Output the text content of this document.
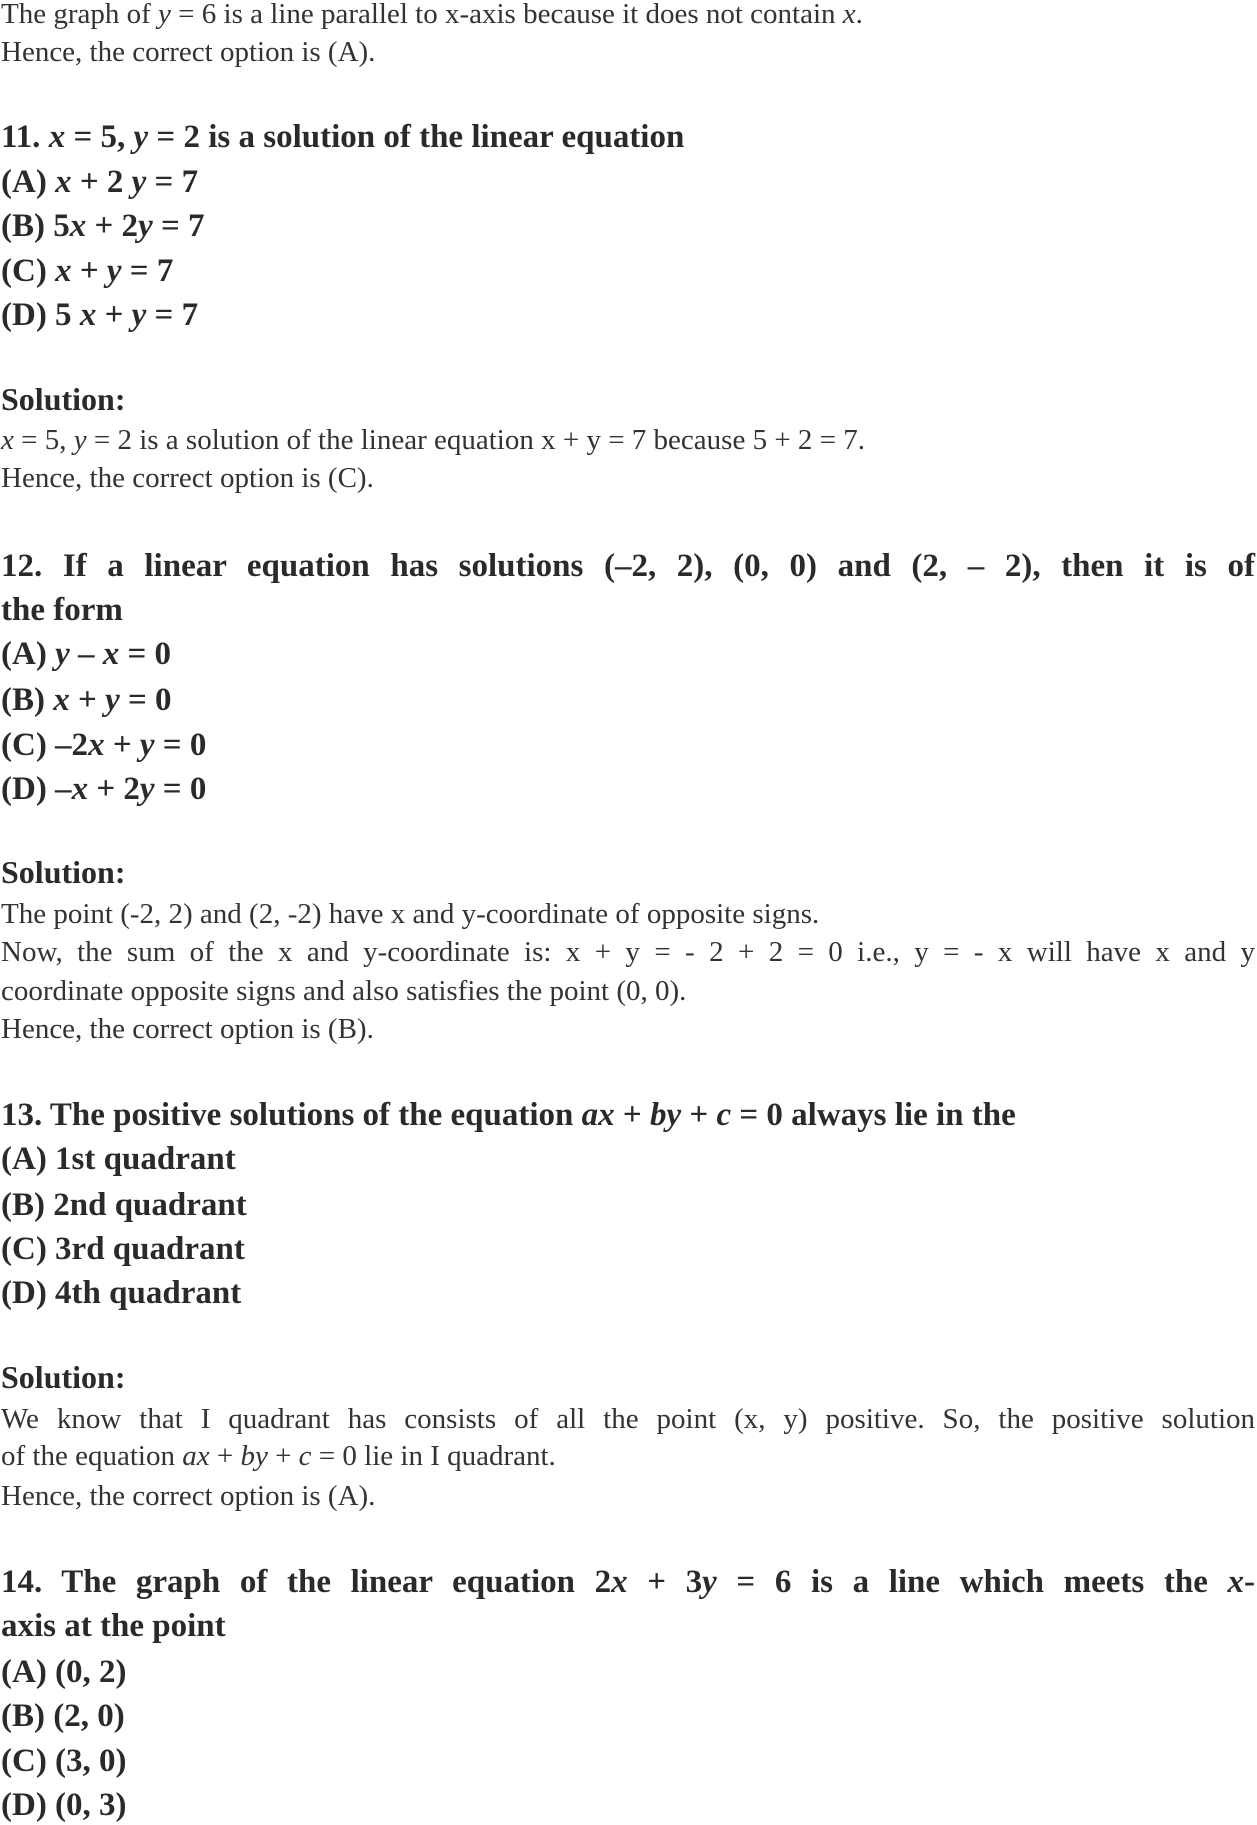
The graph of y = 6 is a line parallel to x-axis because it does not contain x.

Hence, the correct option is (A).

11. x = 5, y = 2 is a solution of the linear equation

(A) x + 2 y = 7

(B) 5x + 2y = 7

(C) x + y = 7

(D) 5 x + y = 7

Solution:

x = 5, y = 2 is a solution of the linear equation x + y = 7 because 5 + 2 = 7.

Hence, the correct option is (C).

12. If a linear equation has solutions (–2, 2), (0, 0) and (2, – 2), then it is of

the form

(A) y – x = 0

(B) x + y = 0

(C) –2x + y = 0

(D) –x + 2y = 0

Solution:

The point (-2, 2) and (2, -2) have x and y-coordinate of opposite signs.

Now, the sum of the x and y-coordinate is: x + y = - 2 + 2 = 0 i.e., y = - x will have x and y

coordinate opposite signs and also satisfies the point (0, 0).

Hence, the correct option is (B).

13. The positive solutions of the equation ax + by + c = 0 always lie in the

(A) 1st quadrant

(B) 2nd quadrant

(C) 3rd quadrant

(D) 4th quadrant

Solution:

We know that I quadrant has consists of all the point (x, y) positive. So, the positive solution

of the equation ax + by + c = 0 lie in I quadrant.

Hence, the correct option is (A).

14. The graph of the linear equation 2x + 3y = 6 is a line which meets the x-

axis at the point

(A) (0, 2)

(B) (2, 0)

(C) (3, 0)

(D) (0, 3)
